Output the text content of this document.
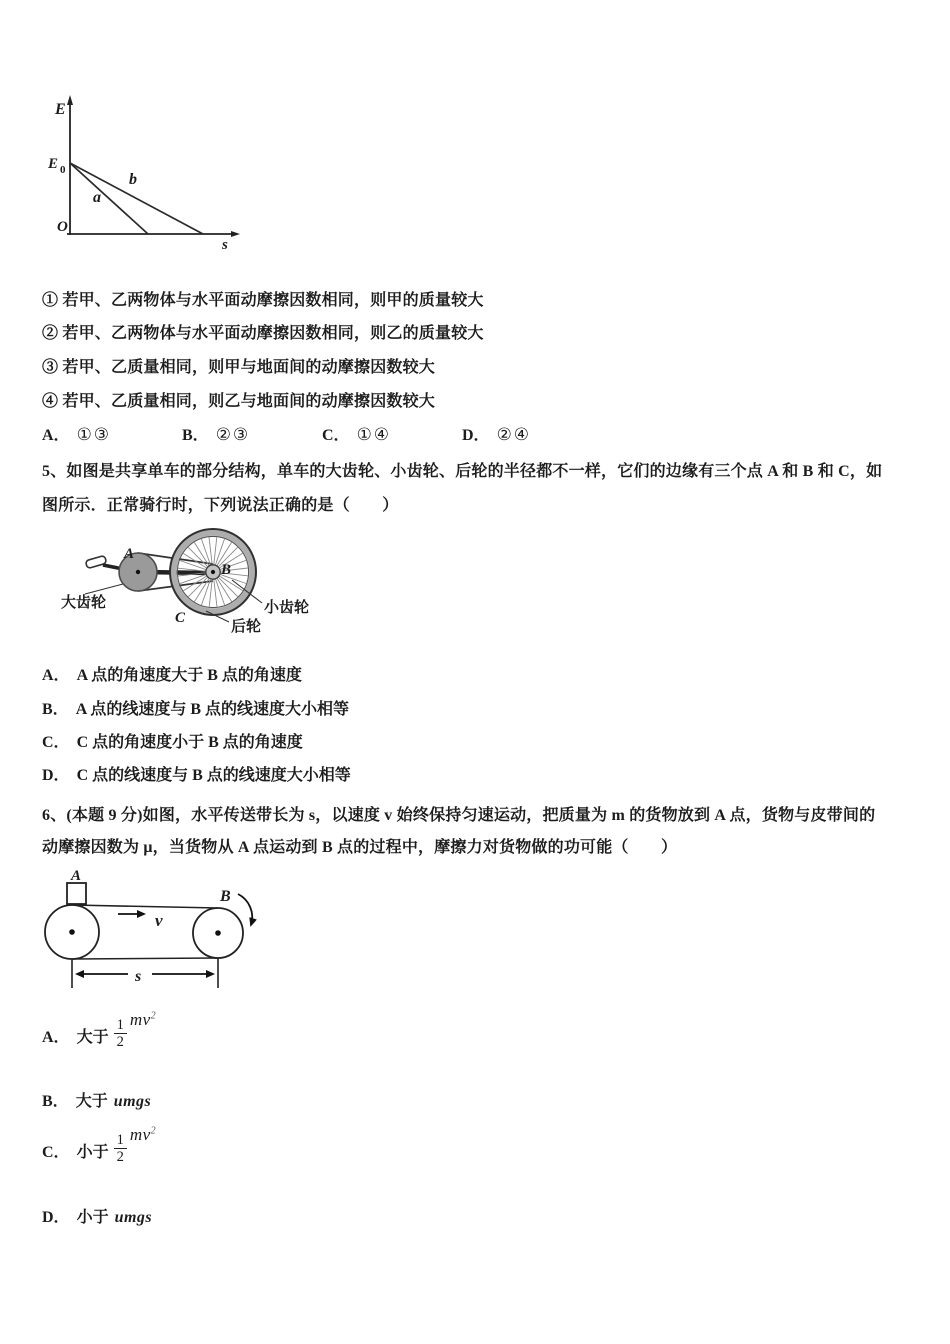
E
E 0
O
s
a
b
① 若甲、乙两物体与水平面动摩擦因数相同，则甲的质量较大
② 若甲、乙两物体与水平面动摩擦因数相同，则乙的质量较大
③ 若甲、乙质量相同，则甲与地面间的动摩擦因数较大
④ 若甲、乙质量相同，则乙与地面间的动摩擦因数较大
A． ①③	B． ②③	C． ①④	D． ②④
5、如图是共享单车的部分结构，单车的大齿轮、小齿轮、后轮的半径都不一样，它们的边缘有三个点 A 和 B 和 C，如
图所示．正常骑行时，下列说法正确的是（　　）
A
B
C
大齿轮	小齿轮
后轮
A． A 点的角速度大于 B 点的角速度
B． A 点的线速度与 B 点的线速度大小相等
C． C 点的角速度小于 B 点的角速度
D． C 点的线速度与 B 点的线速度大小相等
6、(本题 9 分)如图，水平传送带长为 s，以速度 v 始终保持匀速运动，把质量为 m 的货物放到 A 点，货物与皮带间的
动摩擦因数为 μ，当货物从 A 点运动到 B 点的过程中，摩擦力对货物做的功可能（　　）
A
B
v
s
A． 大于 $\frac{1}{2} mv^2$
B． 大于 umgs
C． 小于 $\frac{1}{2} mv^2$
D． 小于 umgs
